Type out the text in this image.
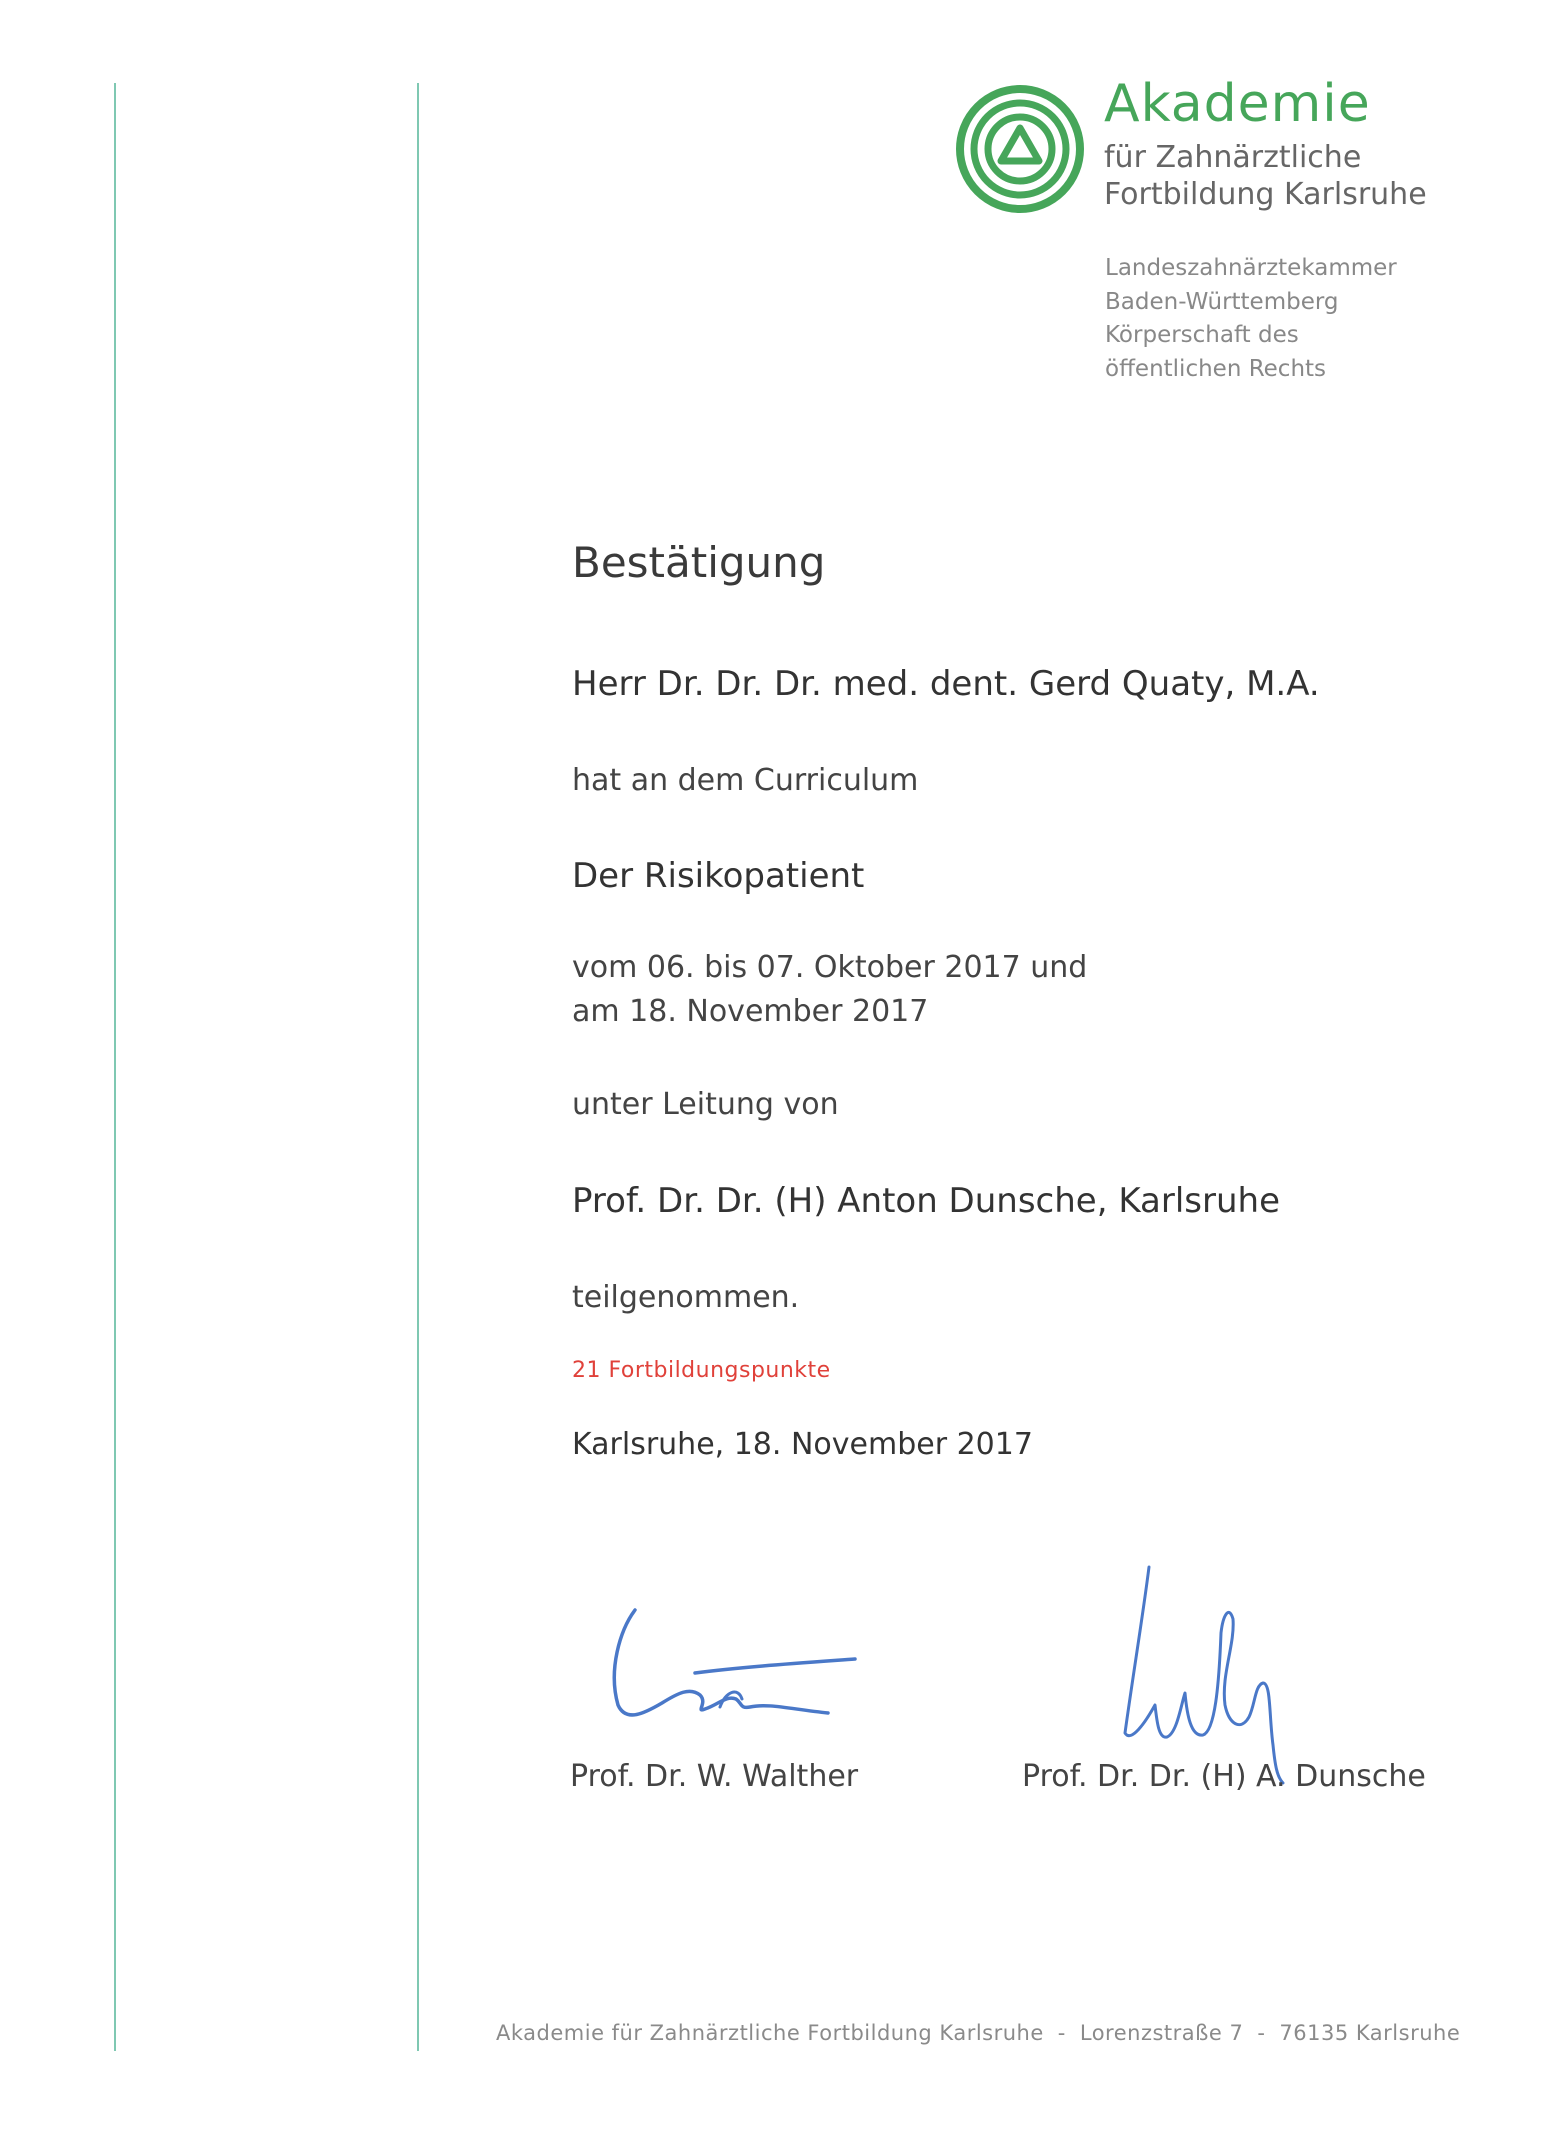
Akademie
für Zahnärztliche
Fortbildung Karlsruhe
Landeszahnärztekammer
Baden-Württemberg
Körperschaft des
öffentlichen Rechts
Bestätigung
Herr Dr. Dr. Dr. med. dent. Gerd Quaty, M.A.
hat an dem Curriculum
Der Risikopatient
vom 06. bis 07. Oktober 2017 und
am 18. November 2017
unter Leitung von
Prof. Dr. Dr. (H) Anton Dunsche, Karlsruhe
teilgenommen.
21 Fortbildungspunkte
Karlsruhe, 18. November 2017
Prof. Dr. W. Walther	Prof. Dr. Dr. (H) A. Dunsche
Akademie für Zahnärztliche Fortbildung Karlsruhe - Lorenzstraße 7 - 76135 Karlsruhe
